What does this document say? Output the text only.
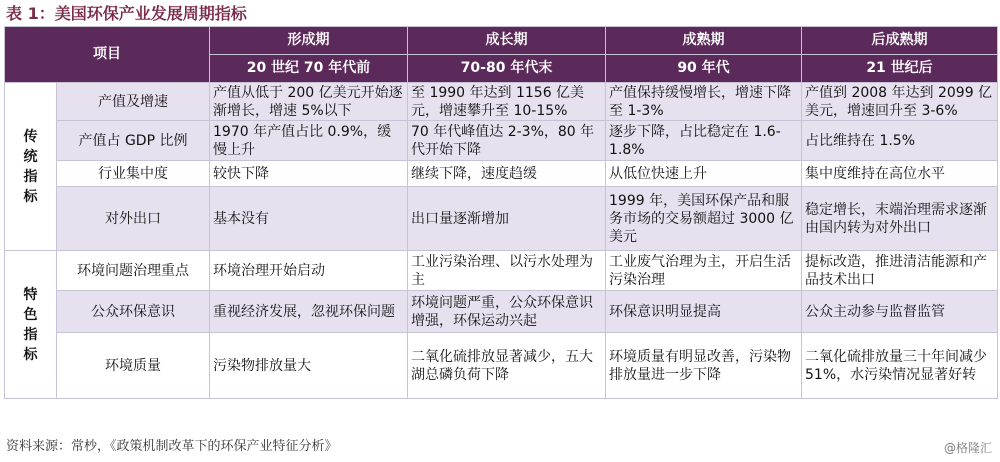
表 1：美国环保产业发展周期指标
项目		形成期	成长期	成熟期	后成熟期
		20 世纪 70 年代前	70-80 年代末	90 年代	21 世纪后

传
统
指
标	产值及增速	产值从低于 200 亿美元开始逐渐增长，增速 5%以下	至 1990 年达到 1156 亿美元，增速攀升至 10-15%	产值保持缓慢增长，增速下降至 1-3%	产值到 2008 年达到 2099 亿美元，增速回升至 3-6%
	产值占 GDP 比例	1970 年产值占比 0.9%，缓慢上升	70 年代峰值达 2-3%，80 年代开始下降	逐步下降，占比稳定在 1.6-1.8%	占比维持在 1.5%
	行业集中度	较快下降	继续下降，速度趋缓	从低位快速上升	集中度维持在高位水平
	对外出口	基本没有	出口量逐渐增加	1999 年，美国环保产品和服务市场的交易额超过 3000 亿美元	稳定增长，末端治理需求逐渐由国内转为对外出口

特
色
指
标	环境问题治理重点	环境治理开始启动	工业污染治理、以污水处理为主	工业废气治理为主，开启生活污染治理	提标改造，推进清洁能源和产品技术出口
	公众环保意识	重视经济发展，忽视环保问题	环境问题严重，公众环保意识增强，环保运动兴起	环保意识明显提高	公众主动参与监督监管
	环境质量	污染物排放量大	二氧化硫排放显著减少，五大湖总磷负荷下降	环境质量有明显改善，污染物排放量进一步下降	二氧化硫排放量三十年间减少 51%，水污染情况显著好转
资料来源：常杪，《政策机制改革下的环保产业特征分析》	@格隆汇
